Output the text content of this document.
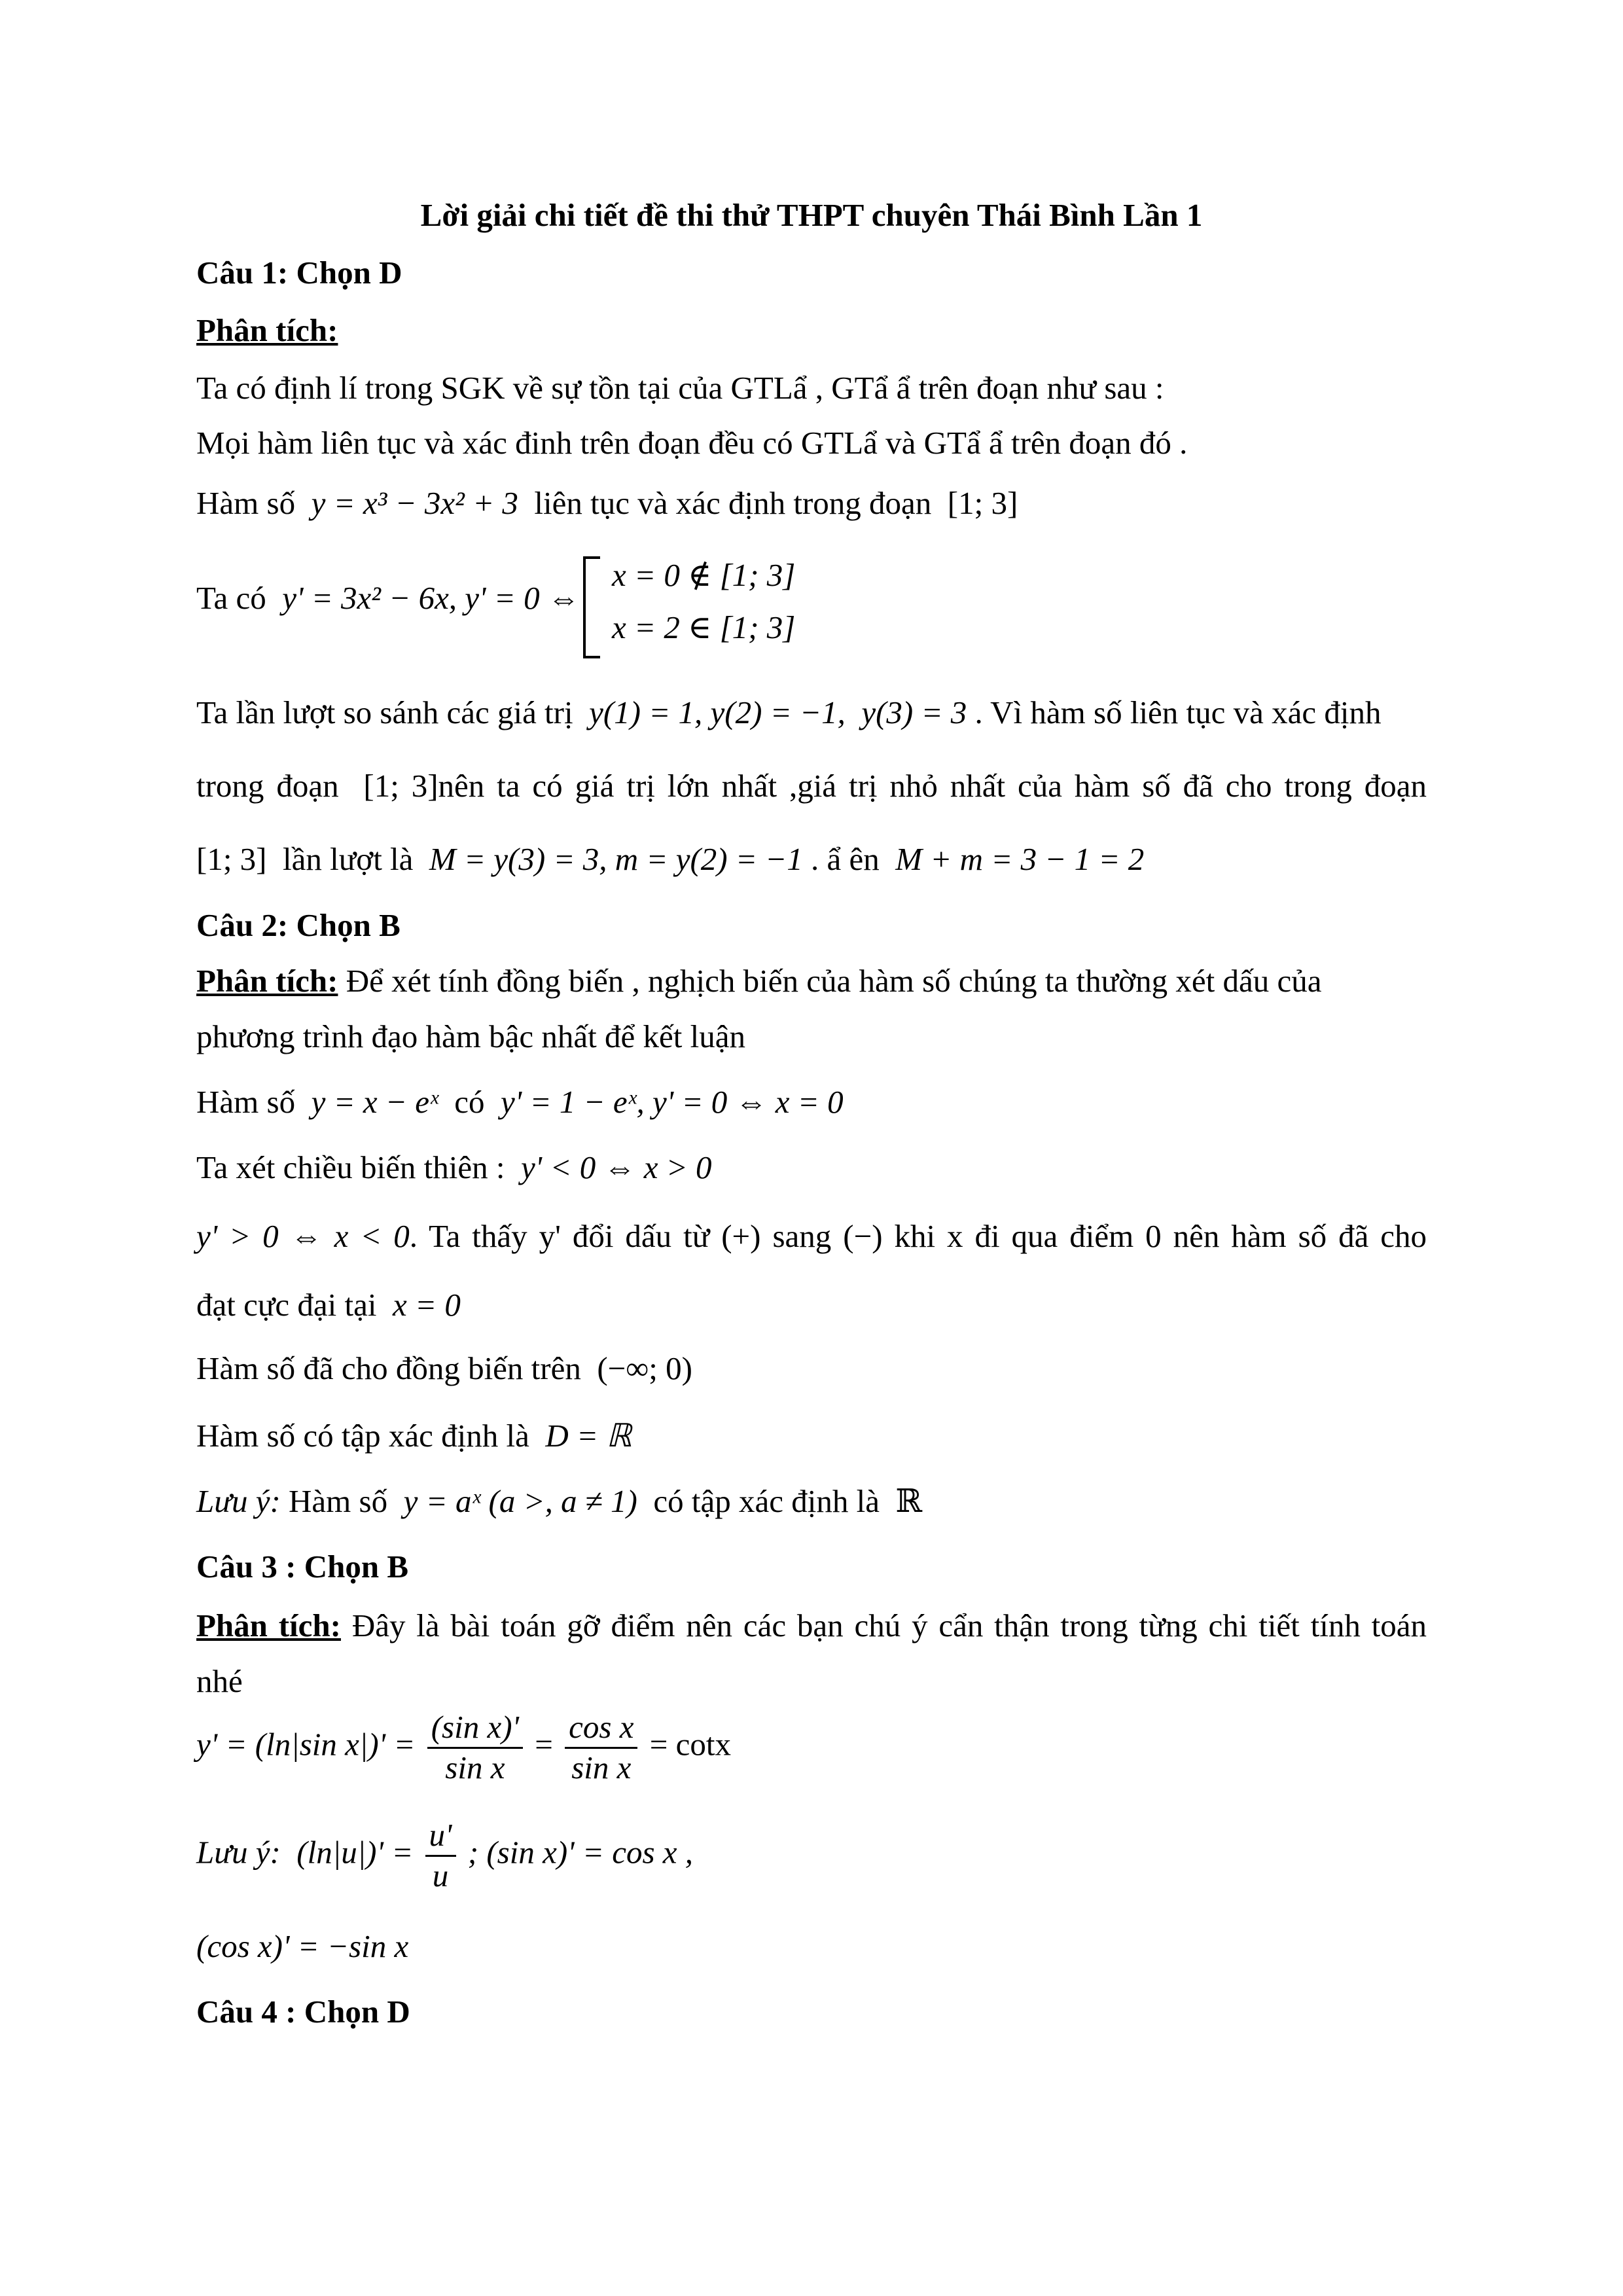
Lời giải chi tiết đề thi thử THPT chuyên Thái Bình Lần 1
Câu 1: Chọn D
Phân tích:
Ta có định lí trong SGK về sự tồn tại của GTLẩ , GTẩ ẩ trên đoạn như sau :
Mọi hàm liên tục và xác đinh trên đoạn đều có GTLẩ và GTẩ ẩ trên đoạn đó .
Hàm số y = x³ − 3x² + 3 liên tục và xác định trong đoạn [1; 3]
Ta có y' = 3x² − 6x, y' = 0 ⇔
x = 0 ∉ [1; 3]
x = 2 ∈ [1; 3]
Ta lần lượt so sánh các giá trị y(1) = 1, y(2) = −1, y(3) = 3 . Vì hàm số liên tục và xác định
trong đoạn [1; 3]nên ta có giá trị lớn nhất ,giá trị nhỏ nhất của hàm số đã cho trong đoạn
[1; 3] lần lượt là M = y(3) = 3, m = y(2) = −1 . ẩ ên M + m = 3 − 1 = 2
Câu 2: Chọn B
Phân tích: Để xét tính đồng biến , nghịch biến của hàm số chúng ta thường xét dấu của
phương trình đạo hàm bậc nhất để kết luận
Hàm số y = x − eˣ có y' = 1 − eˣ, y' = 0 ⇔ x = 0
Ta xét chiều biến thiên : y' < 0 ⇔ x > 0
y' > 0 ⇔ x < 0. Ta thấy y' đổi dấu từ (+) sang (−) khi x đi qua điểm 0 nên hàm số đã cho
đạt cực đại tại x = 0
Hàm số đã cho đồng biến trên (−∞; 0)
Hàm số có tập xác định là D = ℝ
Lưu ý: Hàm số y = aˣ (a >, a ≠ 1) có tập xác định là ℝ
Câu 3 : Chọn B
Phân tích: Đây là bài toán gỡ điểm nên các bạn chú ý cẩn thận trong từng chi tiết tính toán
nhé
y' = (ln|sin $x|)' = \frac{\text{(sin x)'}}{\text{sin x}} = \frac{\text{cos x}}{\text{sin x}} = \cot x$
Lưu ý: $(\ln|u|)' = \frac{u'}{u}$ ; (sin x)' = cos x ,
(cos x)' = −sin x
Câu 4 : Chọn D
